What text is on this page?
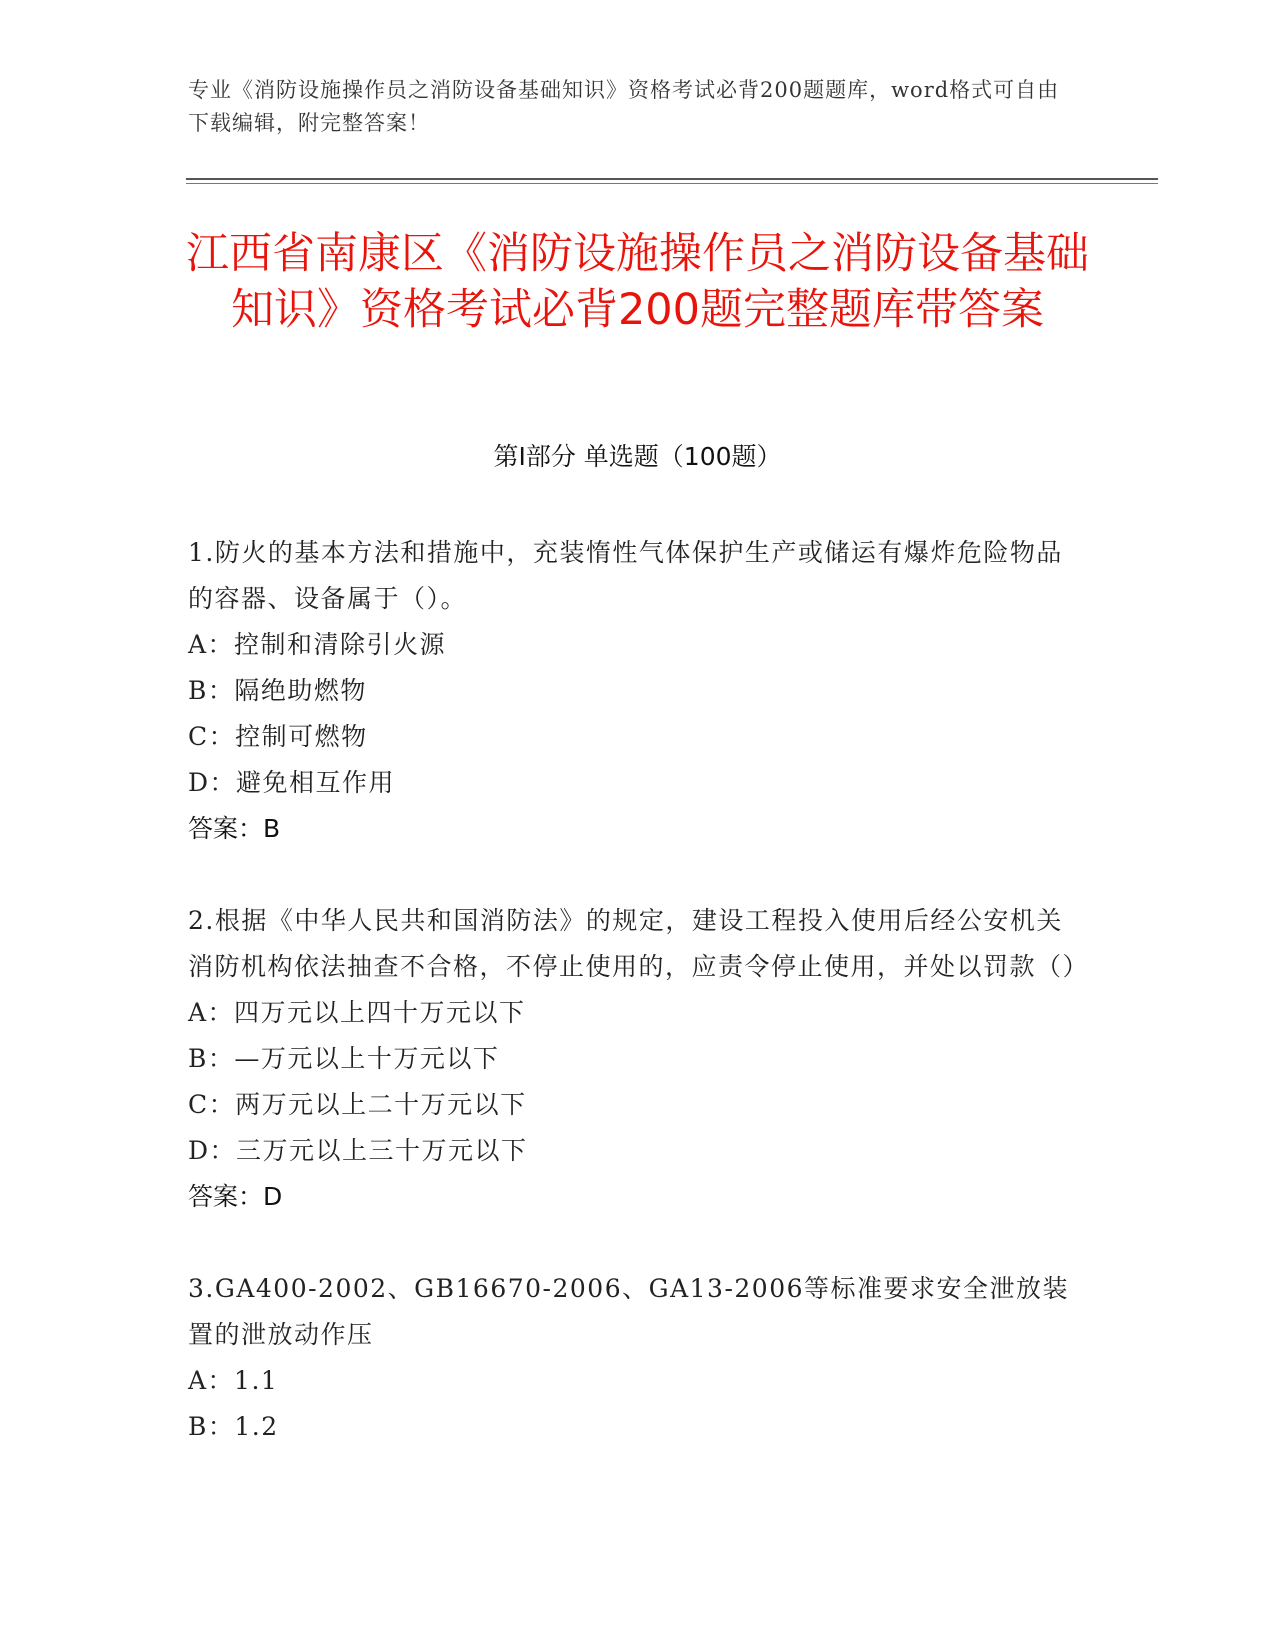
专业《消防设施操作员之消防设备基础知识》资格考试必背200题题库，word格式可自由下载编辑，附完整答案！
江西省南康区《消防设施操作员之消防设备基础知识》资格考试必背200题完整题库带答案
第I部分 单选题（100题）
1.防火的基本方法和措施中，充装惰性气体保护生产或储运有爆炸危险物品的容器、设备属于（）。
A：控制和清除引火源
B：隔绝助燃物
C：控制可燃物
D：避免相互作用
答案：B
2.根据《中华人民共和国消防法》的规定，建设工程投入使用后经公安机关消防机构依法抽查不合格，不停止使用的，应责令停止使用，并处以罚款（）
A：四万元以上四十万元以下
B：—万元以上十万元以下
C：两万元以上二十万元以下
D：三万元以上三十万元以下
答案：D
3.GA400-2002、GB16670-2006、GA13-2006等标准要求安全泄放装置的泄放动作压
A：1.1
B：1.2
